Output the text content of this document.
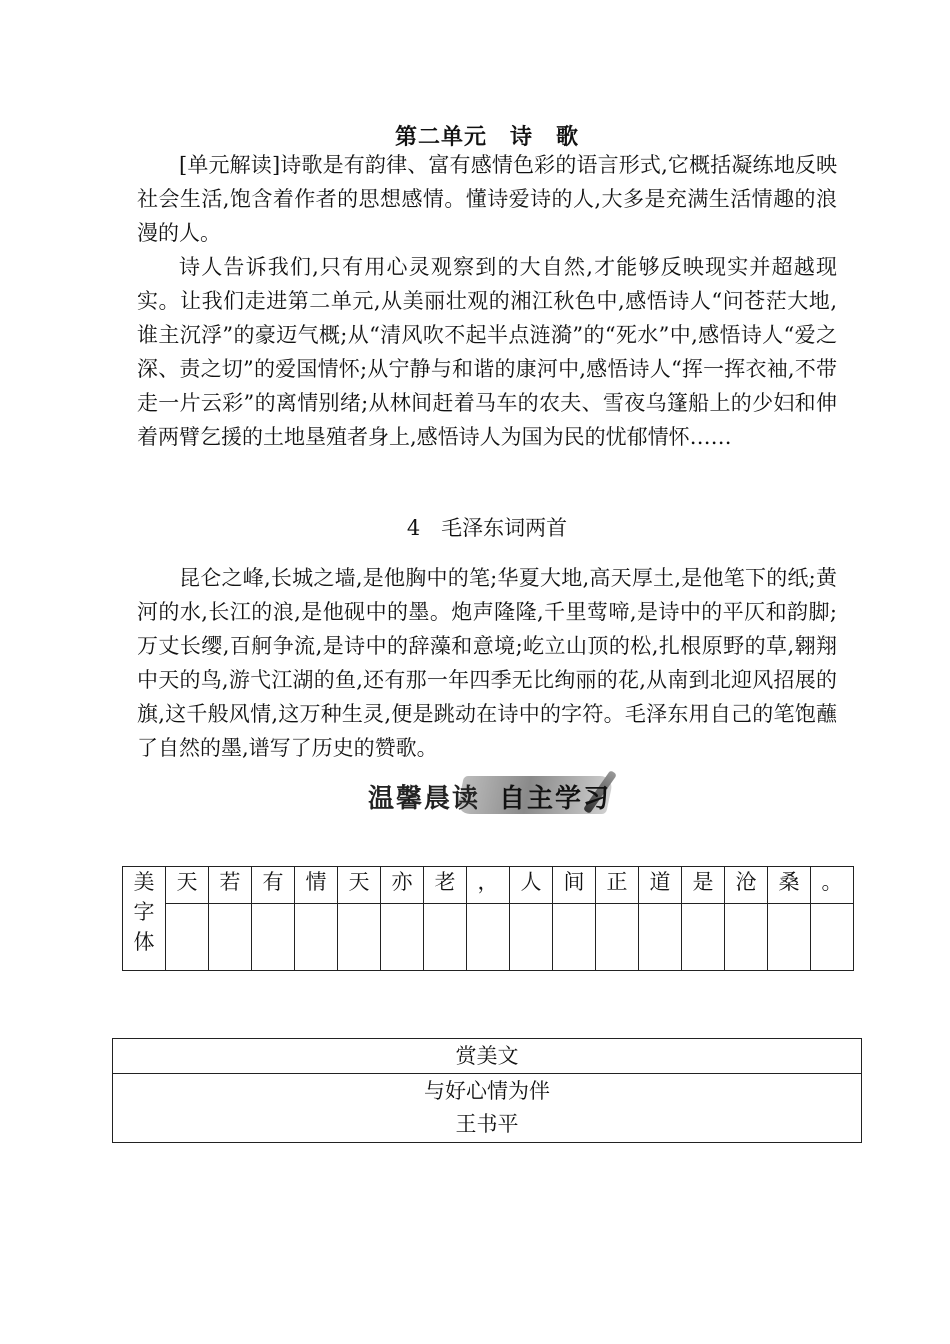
第二单元　诗　歌

[单元解读]诗歌是有韵律、富有感情色彩的语言形式,它概括凝练地反映社会生活,饱含着作者的思想感情。懂诗爱诗的人,大多是充满生活情趣的浪漫的人。

诗人告诉我们,只有用心灵观察到的大自然,才能够反映现实并超越现实。让我们走进第二单元,从美丽壮观的湘江秋色中,感悟诗人“问苍茫大地,谁主沉浮”的豪迈气概;从“清风吹不起半点涟漪”的“死水”中,感悟诗人“爱之深、责之切”的爱国情怀;从宁静与和谐的康河中,感悟诗人“挥一挥衣袖,不带走一片云彩”的离情别绪;从林间赶着马车的农夫、雪夜乌篷船上的少妇和伸着两臂乞援的土地垦殖者身上,感悟诗人为国为民的忧郁情怀……

4　毛泽东词两首

昆仑之峰,长城之墙,是他胸中的笔;华夏大地,高天厚土,是他笔下的纸;黄河的水,长江的浪,是他砚中的墨。炮声隆隆,千里莺啼,是诗中的平仄和韵脚;万丈长缨,百舸争流,是诗中的辞藻和意境;屹立山顶的松,扎根原野的草,翱翔中天的鸟,游弋江湖的鱼,还有那一年四季无比绚丽的花,从南到北迎风招展的旗,这千般风情,这万种生灵,便是跳动在诗中的字符。毛泽东用自己的笔饱蘸了自然的墨,谱写了历史的赞歌。

温馨晨读 自主学习
美
字
体	天	若	有	情	天	亦	老	，	人	间	正	道	是	沧	桑	。

赏美文

与好心情为伴
王书平
